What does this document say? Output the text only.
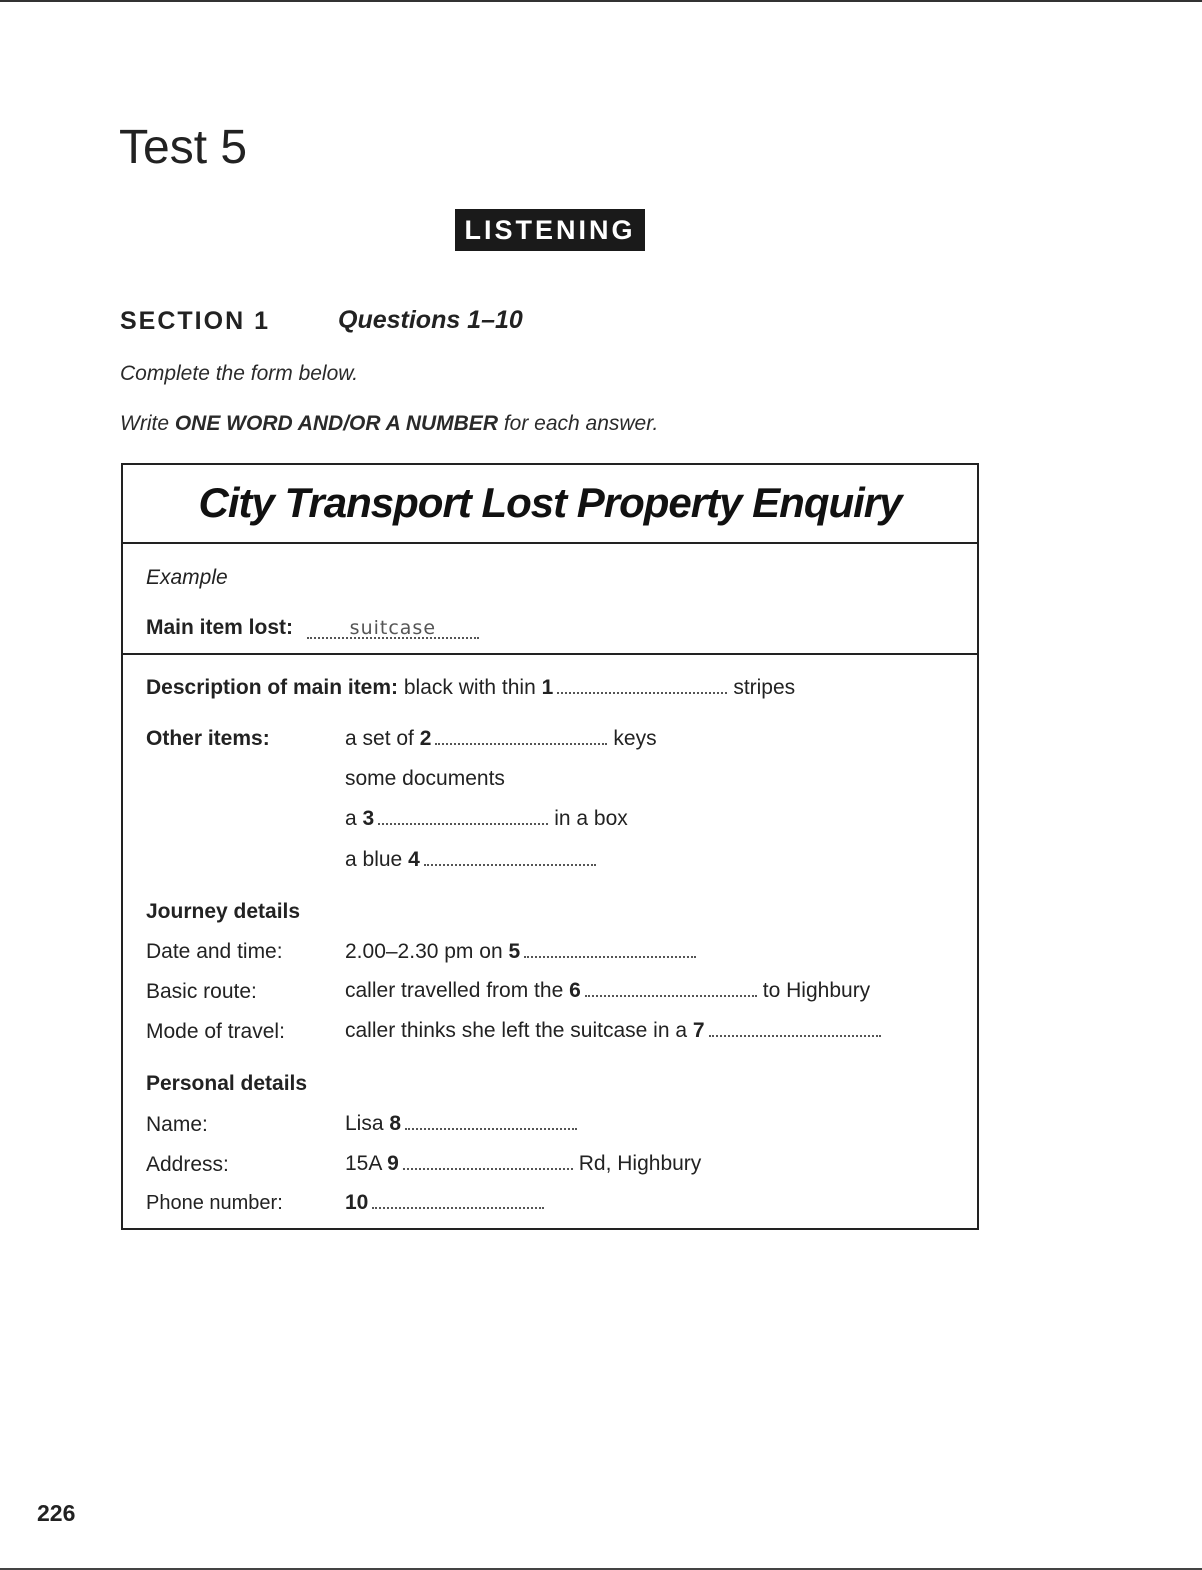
Test 5
LISTENING
SECTION 1	Questions 1–10
Complete the form below.
Write ONE WORD AND/OR A NUMBER for each answer.
City Transport Lost Property Enquiry
Example
Main item lost:	suitcase
Description of main item: black with thin 1	stripes
Other items:	a set of 2	keys
some documents
a 3	in a box
a blue 4
Journey details
Date and time:	2.00–2.30 pm on 5
Basic route:	caller travelled from the 6	to Highbury
Mode of travel:	caller thinks she left the suitcase in a 7
Personal details
Name:	Lisa 8
Address:	15A 9	Rd, Highbury
Phone number:	10
226
